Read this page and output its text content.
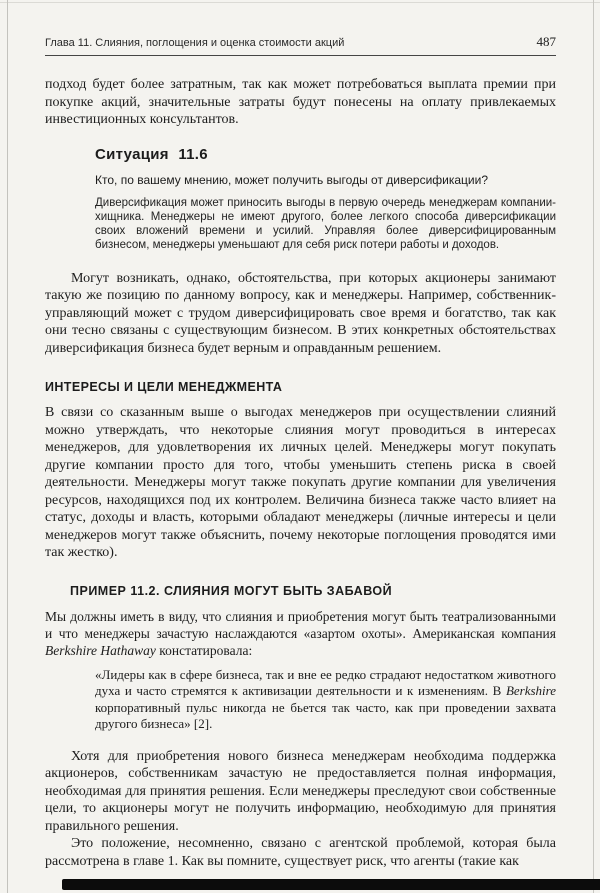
Глава 11. Слияния, поглощения и оценка стоимости акций	487

подход будет более затратным, так как может потребоваться выплата премии при покупке акций, значительные затраты будут понесены на оплату привлекаемых инвестиционных консультантов.

Ситуация 11.6

Кто, по вашему мнению, может получить выгоды от диверсификации?

Диверсификация может приносить выгоды в первую очередь менеджерам компании-хищника. Менеджеры не имеют другого, более легкого способа диверсификации своих вложений времени и усилий. Управляя более диверсифицированным бизнесом, менеджеры уменьшают для себя риск потери работы и доходов.

Могут возникать, однако, обстоятельства, при которых акционеры занимают такую же позицию по данному вопросу, как и менеджеры. Например, собственник-управляющий может с трудом диверсифицировать свое время и богатство, так как они тесно связаны с существующим бизнесом. В этих конкретных обстоятельствах диверсификация бизнеса будет верным и оправданным решением.

ИНТЕРЕСЫ И ЦЕЛИ МЕНЕДЖМЕНТА

В связи со сказанным выше о выгодах менеджеров при осуществлении слияний можно утверждать, что некоторые слияния могут проводиться в интересах менеджеров, для удовлетворения их личных целей. Менеджеры могут покупать другие компании просто для того, чтобы уменьшить степень риска в своей деятельности. Менеджеры могут также покупать другие компании для увеличения ресурсов, находящихся под их контролем. Величина бизнеса также часто влияет на статус, доходы и власть, которыми обладают менеджеры (личные интересы и цели менеджеров могут также объяснить, почему некоторые поглощения проводятся ими так жестко).

ПРИМЕР 11.2. СЛИЯНИЯ МОГУТ БЫТЬ ЗАБАВОЙ

Мы должны иметь в виду, что слияния и приобретения могут быть театрализованными и что менеджеры зачастую наслаждаются «азартом охоты». Американская компания Berkshire Hathaway констатировала:

«Лидеры как в сфере бизнеса, так и вне ее редко страдают недостатком животного духа и часто стремятся к активизации деятельности и к изменениям. В Berkshire корпоративный пульс никогда не бьется так часто, как при проведении захвата другого бизнеса» [2].

Хотя для приобретения нового бизнеса менеджерам необходима поддержка акционеров, собственникам зачастую не предоставляется полная информация, необходимая для принятия решения. Если менеджеры преследуют свои собственные цели, то акционеры могут не получить информацию, необходимую для принятия правильного решения.

Это положение, несомненно, связано с агентской проблемой, которая была рассмотрена в главе 1. Как вы помните, существует риск, что агенты (такие как
